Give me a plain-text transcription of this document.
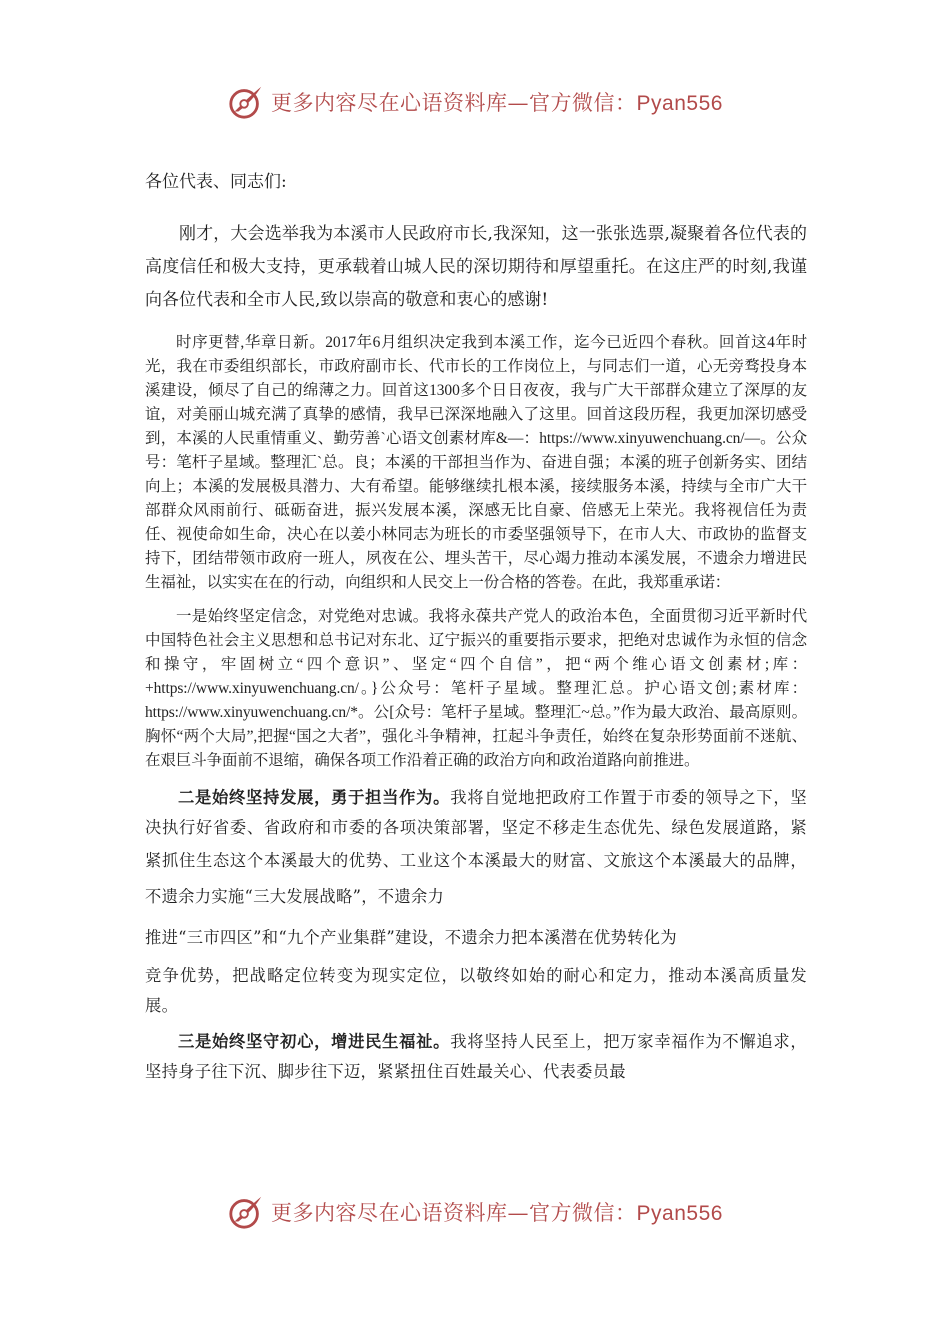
更多内容尽在心语资料库—官方微信：Pyan556

各位代表、同志们:

刚才，大会选举我为本溪市人民政府市长,我深知，这一张张选票,凝聚着各位代表的高度信任和极大支持，更承载着山城人民的深切期待和厚望重托。在这庄严的时刻,我谨向各位代表和全市人民,致以崇高的敬意和衷心的感谢!

时序更替,华章日新。2017年6月组织决定我到本溪工作，迄今已近四个春秋。回首这4年时光，我在市委组织部长，市政府副市长、代市长的工作岗位上，与同志们一道，心无旁骛投身本溪建设，倾尽了自己的绵薄之力。回首这1300多个日日夜夜，我与广大干部群众建立了深厚的友谊，对美丽山城充满了真挚的感情，我早已深深地融入了这里。回首这段历程，我更加深切感受到，本溪的人民重情重义、勤劳善`心语文创素材库&—：https://www.xinyuwenchuang.cn/—。公众号：笔杆子星域。整理汇`总。良；本溪的干部担当作为、奋进自强；本溪的班子创新务实、团结向上；本溪的发展极具潜力、大有希望。能够继续扎根本溪，接续服务本溪，持续与全市广大干部群众风雨前行、砥砺奋进，振兴发展本溪，深感无比自豪、倍感无上荣光。我将视信任为责任、视使命如生命，决心在以姜小林同志为班长的市委坚强领导下，在市人大、市政协的监督支持下，团结带领市政府一班人，夙夜在公、埋头苦干，尽心竭力推动本溪发展，不遗余力增进民生福祉，以实实在在的行动，向组织和人民交上一份合格的答卷。在此，我郑重承诺：

一是始终坚定信念，对党绝对忠诚。我将永葆共产党人的政治本色，全面贯彻习近平新时代中国特色社会主义思想和总书记对东北、辽宁振兴的重要指示要求，把绝对忠诚作为永恒的信念和操守，牢固树立“四个意识”、坚定“四个自信”，把“两个维心语文创素材;库：+https://www.xinyuwenchuang.cn/。}公众号：笔杆子星域。整理汇总。护心语文创;素材库：https://www.xinyuwenchuang.cn/*。公[众号：笔杆子星域。整理汇~总。”作为最大政治、最高原则。胸怀“两个大局”,把握“国之大者”，强化斗争精神，扛起斗争责任，始终在复杂形势面前不迷航、在艰巨斗争面前不退缩，确保各项工作沿着正确的政治方向和政治道路向前推进。

二是始终坚持发展，勇于担当作为。我将自觉地把政府工作置于市委的领导之下，坚决执行好省委、省政府和市委的各项决策部署，坚定不移走生态优先、绿色发展道路，紧紧抓住生态这个本溪最大的优势、工业这个本溪最大的财富、文旅这个本溪最大的品牌，不遗余力实施“三大发展战略”，不遗余力
推进“三市四区”和“九个产业集群”建设，不遗余力把本溪潜在优势转化为
竞争优势，把战略定位转变为现实定位，以敬终如始的耐心和定力，推动本溪高质量发展。

三是始终坚守初心，增进民生福祉。我将坚持人民至上，把万家幸福作为不懈追求，坚持身子往下沉、脚步往下迈，紧紧扭住百姓最关心、代表委员最

更多内容尽在心语资料库—官方微信：Pyan556
